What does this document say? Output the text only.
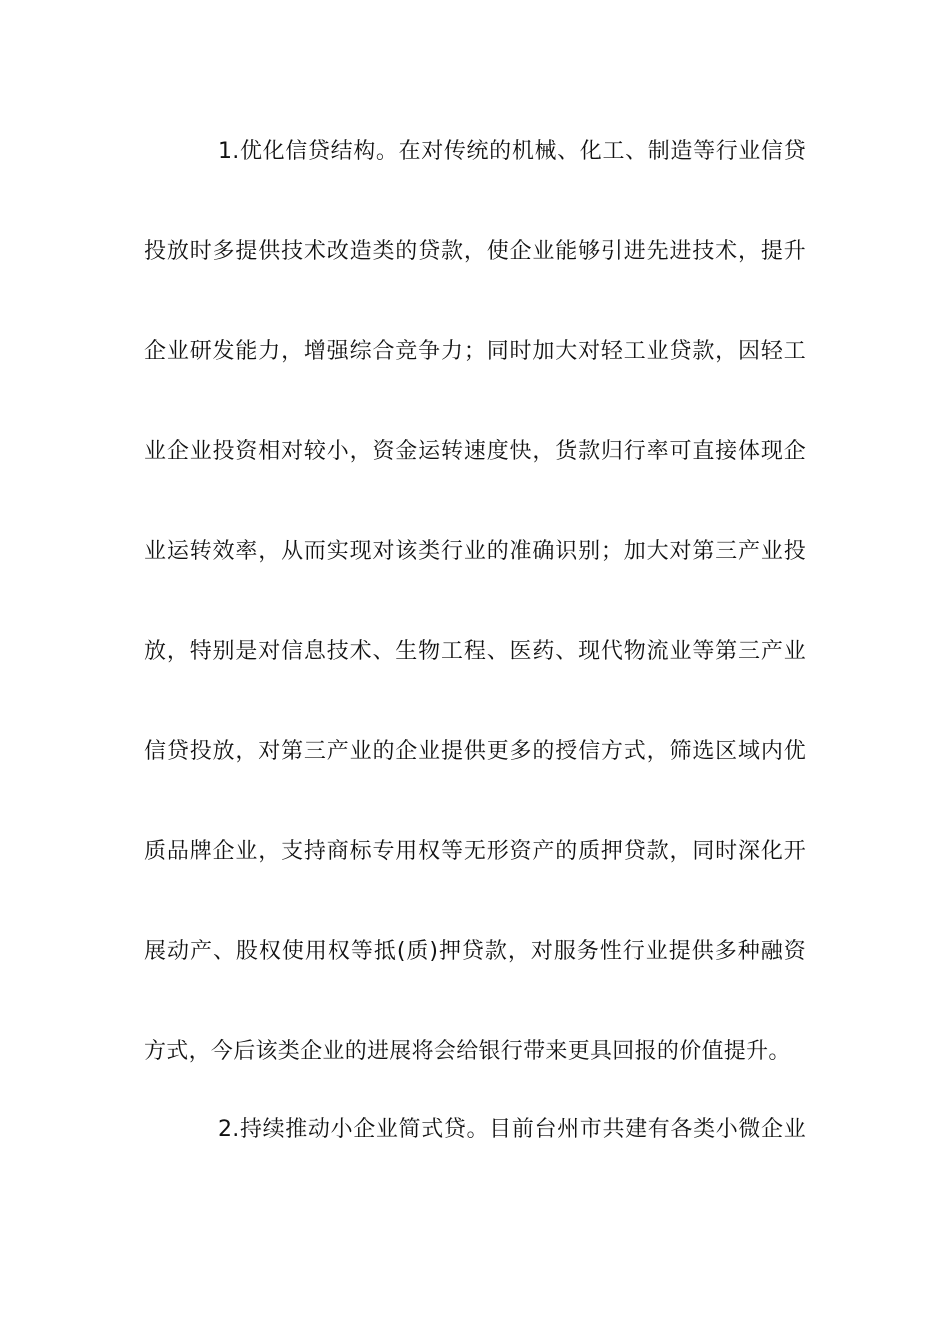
1.优化信贷结构。在对传统的机械、化工、制造等行业信贷
投放时多提供技术改造类的贷款，使企业能够引进先进技术，提升
企业研发能力，增强综合竞争力；同时加大对轻工业贷款，因轻工
业企业投资相对较小，资金运转速度快，货款归行率可直接体现企
业运转效率，从而实现对该类行业的准确识别；加大对第三产业投
放，特别是对信息技术、生物工程、医药、现代物流业等第三产业
信贷投放，对第三产业的企业提供更多的授信方式，筛选区域内优
质品牌企业，支持商标专用权等无形资产的质押贷款，同时深化开
展动产、股权使用权等抵(质)押贷款，对服务性行业提供多种融资
方式，今后该类企业的进展将会给银行带来更具回报的价值提升。
2.持续推动小企业简式贷。目前台州市共建有各类小微企业
